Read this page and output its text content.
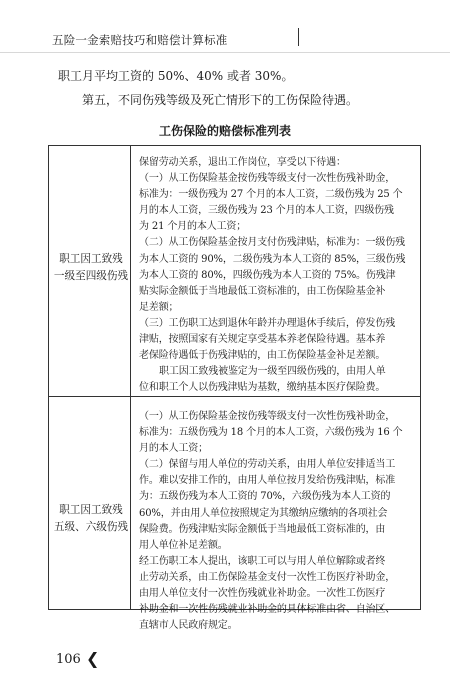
五险一金索赔技巧和赔偿计算标准
职工月平均工资的 50%、40% 或者 30%。
第五，不同伤残等级及死亡情形下的工伤保险待遇。
工伤保险的赔偿标准列表
职工因工致残
一级至四级伤残
保留劳动关系，退出工作岗位，享受以下待遇：
（一）从工伤保险基金按伤残等级支付一次性伤残补助金，
标准为：一级伤残为 27 个月的本人工资，二级伤残为 25 个
月的本人工资，三级伤残为 23 个月的本人工资，四级伤残
为 21 个月的本人工资；
（二）从工伤保险基金按月支付伤残津贴，标准为：一级伤残
为本人工资的 90%，二级伤残为本人工资的 85%，三级伤残
为本人工资的 80%，四级伤残为本人工资的 75%。伤残津
贴实际金额低于当地最低工资标准的，由工伤保险基金补
足差额；
（三）工伤职工达到退休年龄并办理退休手续后，停发伤残
津贴，按照国家有关规定享受基本养老保险待遇。基本养
老保险待遇低于伤残津贴的，由工伤保险基金补足差额。
职工因工致残被鉴定为一级至四级伤残的，由用人单
位和职工个人以伤残津贴为基数，缴纳基本医疗保险费。
职工因工致残
五级、六级伤残
（一）从工伤保险基金按伤残等级支付一次性伤残补助金，
标准为：五级伤残为 18 个月的本人工资，六级伤残为 16 个
月的本人工资；
（二）保留与用人单位的劳动关系，由用人单位安排适当工
作。难以安排工作的，由用人单位按月发给伤残津贴，标准
为：五级伤残为本人工资的 70%，六级伤残为本人工资的
60%，并由用人单位按照规定为其缴纳应缴纳的各项社会
保险费。伤残津贴实际金额低于当地最低工资标准的，由
用人单位补足差额。
经工伤职工本人提出，该职工可以与用人单位解除或者终
止劳动关系，由工伤保险基金支付一次性工伤医疗补助金，
由用人单位支付一次性伤残就业补助金。一次性工伤医疗
补助金和一次性伤残就业补助金的具体标准由省、自治区、
直辖市人民政府规定。
106 ❮
